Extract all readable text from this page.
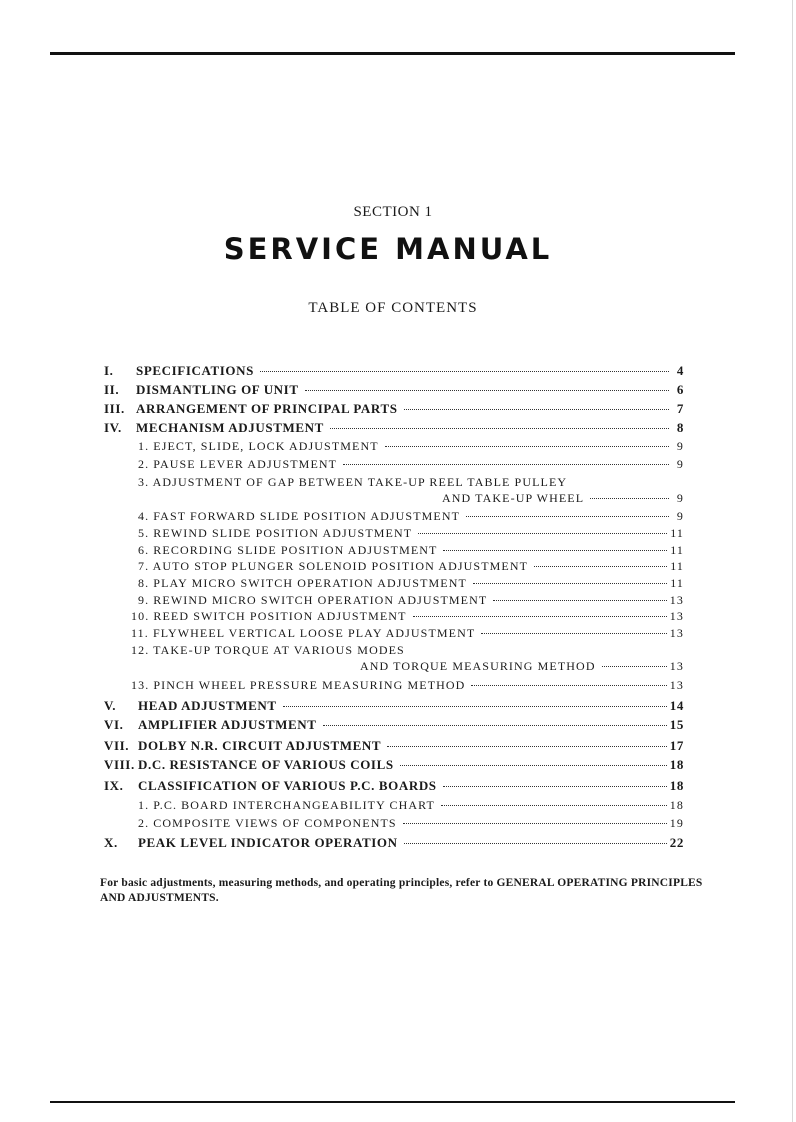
SECTION 1
SERVICE MANUAL
TABLE OF CONTENTS
I. SPECIFICATIONS	4
II. DISMANTLING OF UNIT	6
III. ARRANGEMENT OF PRINCIPAL PARTS	7
IV. MECHANISM ADJUSTMENT	8
1. EJECT, SLIDE, LOCK ADJUSTMENT	9
2. PAUSE LEVER ADJUSTMENT	9
3. ADJUSTMENT OF GAP BETWEEN TAKE-UP REEL TABLE PULLEY
AND TAKE-UP WHEEL	9
4. FAST FORWARD SLIDE POSITION ADJUSTMENT	9
5. REWIND SLIDE POSITION ADJUSTMENT	11
6. RECORDING SLIDE POSITION ADJUSTMENT	11
7. AUTO STOP PLUNGER SOLENOID POSITION ADJUSTMENT	11
8. PLAY MICRO SWITCH OPERATION ADJUSTMENT	11
9. REWIND MICRO SWITCH OPERATION ADJUSTMENT	13
10. REED SWITCH POSITION ADJUSTMENT	13
11. FLYWHEEL VERTICAL LOOSE PLAY ADJUSTMENT	13
12. TAKE-UP TORQUE AT VARIOUS MODES
AND TORQUE MEASURING METHOD	13
13. PINCH WHEEL PRESSURE MEASURING METHOD	13
V. HEAD ADJUSTMENT	14
VI. AMPLIFIER ADJUSTMENT	15
VII. DOLBY N.R. CIRCUIT ADJUSTMENT	17
VIII. D.C. RESISTANCE OF VARIOUS COILS	18
IX. CLASSIFICATION OF VARIOUS P.C. BOARDS	18
1. P.C. BOARD INTERCHANGEABILITY CHART	18
2. COMPOSITE VIEWS OF COMPONENTS	19
X. PEAK LEVEL INDICATOR OPERATION	22
For basic adjustments, measuring methods, and operating principles, refer to GENERAL OPERATING PRINCIPLES AND ADJUSTMENTS.
